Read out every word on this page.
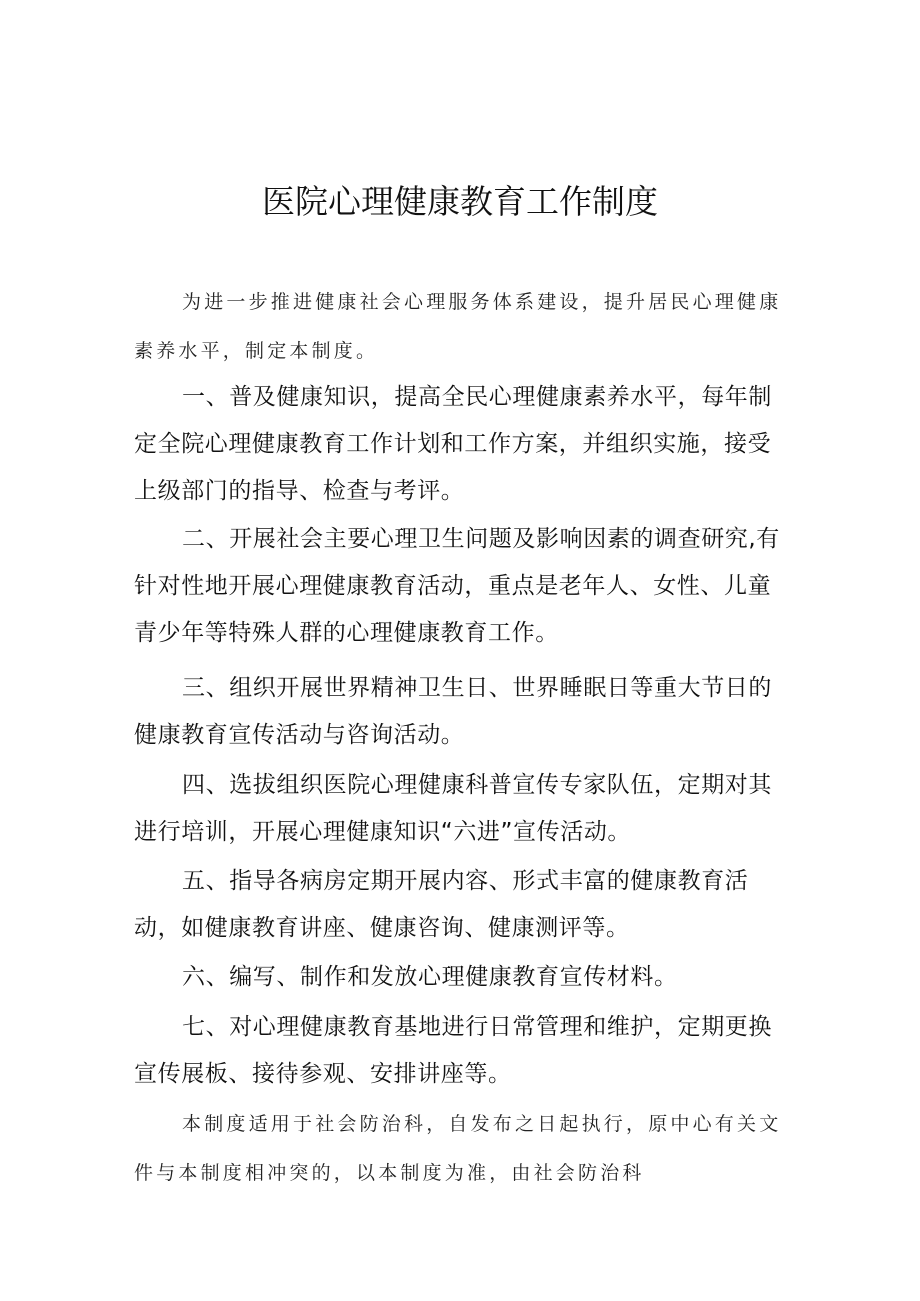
医院心理健康教育工作制度

为进一步推进健康社会心理服务体系建设，提升居民心理健康素养水平，制定本制度。

一、普及健康知识，提高全民心理健康素养水平，每年制定全院心理健康教育工作计划和工作方案，并组织实施，接受上级部门的指导、检查与考评。

二、开展社会主要心理卫生问题及影响因素的调查研究,有针对性地开展心理健康教育活动，重点是老年人、女性、儿童青少年等特殊人群的心理健康教育工作。

三、组织开展世界精神卫生日、世界睡眠日等重大节日的健康教育宣传活动与咨询活动。

四、选拔组织医院心理健康科普宣传专家队伍，定期对其进行培训，开展心理健康知识“六进”宣传活动。

五、指导各病房定期开展内容、形式丰富的健康教育活动，如健康教育讲座、健康咨询、健康测评等。

六、编写、制作和发放心理健康教育宣传材料。

七、对心理健康教育基地进行日常管理和维护，定期更换宣传展板、接待参观、安排讲座等。

本制度适用于社会防治科，自发布之日起执行，原中心有关文件与本制度相冲突的，以本制度为准，由社会防治科
